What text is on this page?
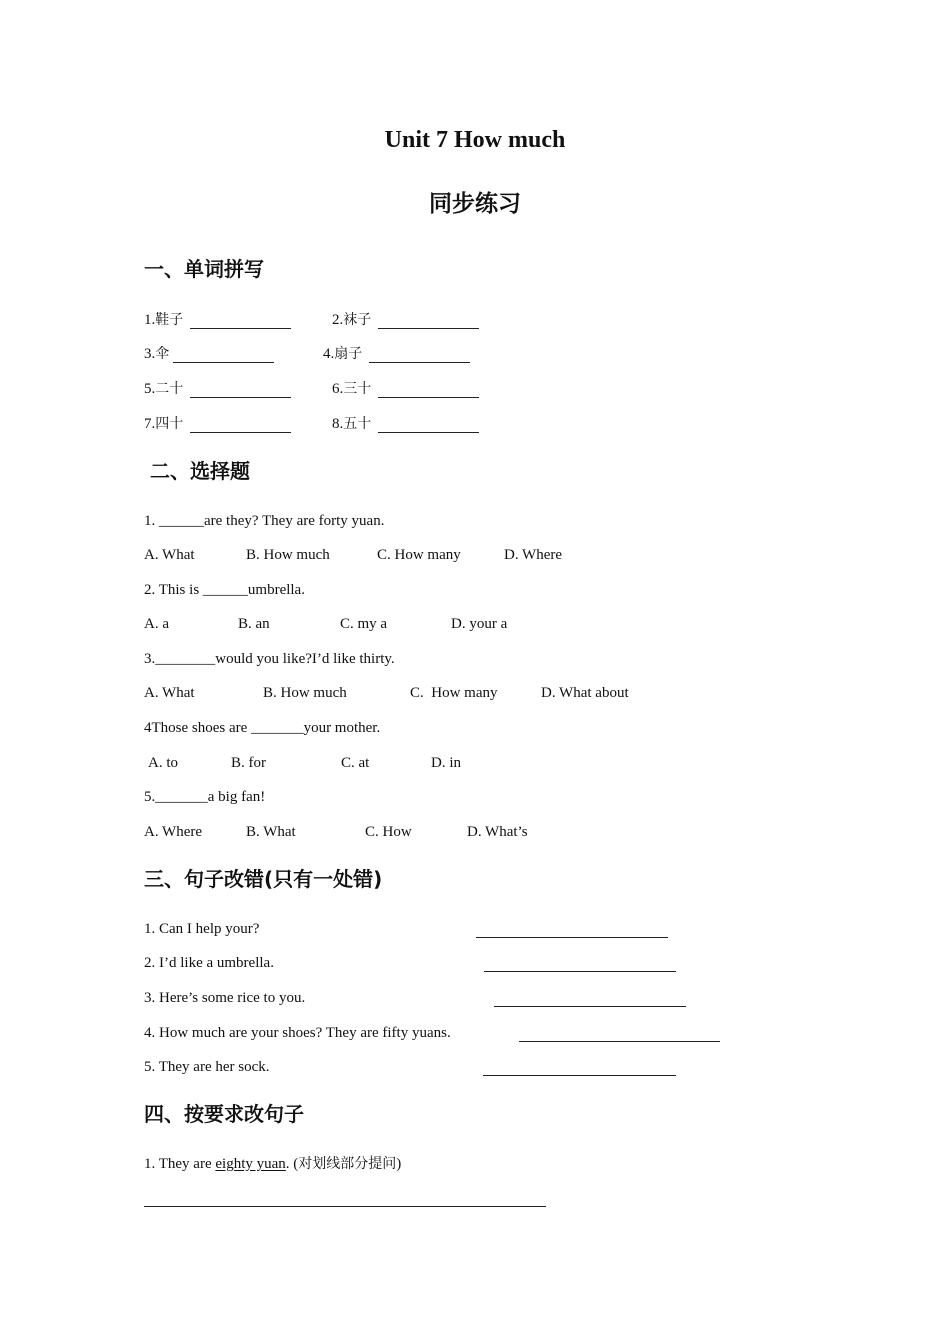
Unit 7 How much
同步练习
一、单词拼写
1.鞋子	2.袜子
3.伞	4.扇子
5.二十	6.三十
7.四十	8.五十
二、选择题
1. ______are they? They are forty yuan.
A. What	B. How much	C. How many	D. Where
2. This is ______umbrella.
A. a	B. an	C. my a	D. your a
3.________would you like?I’d like thirty.
A. What	B. How much	C.  How many	D. What about
4Those shoes are _______your mother.
A. to	B. for	C. at	D. in
5._______a big fan!
A. Where	B. What	C. How	D. What’s
三、句子改错(只有一处错)
1. Can I help your?
2. I’d like a umbrella.
3. Here’s some rice to you.
4. How much are your shoes? They are fifty yuans.
5. They are her sock.
四、按要求改句子
1. They are eighty yuan. (对划线部分提问)
